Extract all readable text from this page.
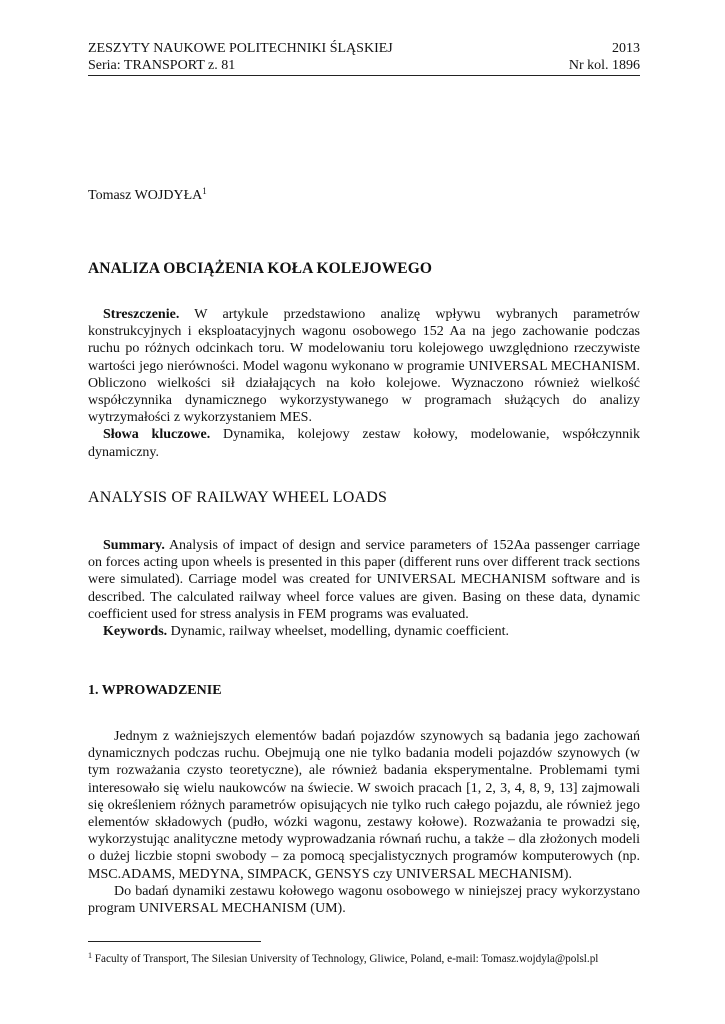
ZESZYTY NAUKOWE POLITECHNIKI ŚLĄSKIEJ	2013
Seria: TRANSPORT z. 81	Nr kol. 1896
Tomasz WOJDYŁA$^1$
ANALIZA OBCIĄŻENIA KOŁA KOLEJOWEGO
Streszczenie. W artykule przedstawiono analizę wpływu wybranych parametrów konstrukcyjnych i eksploatacyjnych wagonu osobowego 152 Aa na jego zachowanie podczas ruchu po różnych odcinkach toru. W modelowaniu toru kolejowego uwzględniono rzeczywiste wartości jego nierówności. Model wagonu wykonano w programie UNIVERSAL MECHANISM. Obliczono wielkości sił działających na koło kolejowe. Wyznaczono również wielkość współczynnika dynamicznego wykorzystywanego w programach służących do analizy wytrzymałości z wykorzystaniem MES.
Słowa kluczowe. Dynamika, kolejowy zestaw kołowy, modelowanie, współczynnik dynamiczny.
ANALYSIS OF RAILWAY WHEEL LOADS
Summary. Analysis of impact of design and service parameters of 152Aa passenger carriage on forces acting upon wheels is presented in this paper (different runs over different track sections were simulated). Carriage model was created for UNIVERSAL MECHANISM software and is described. The calculated railway wheel force values are given. Basing on these data, dynamic coefficient used for stress analysis in FEM programs was evaluated.
Keywords. Dynamic, railway wheelset, modelling, dynamic coefficient.
1. WPROWADZENIE
Jednym z ważniejszych elementów badań pojazdów szynowych są badania jego zachowań dynamicznych podczas ruchu. Obejmują one nie tylko badania modeli pojazdów szynowych (w tym rozważania czysto teoretyczne), ale również badania eksperymentalne. Problemami tymi interesowało się wielu naukowców na świecie. W swoich pracach [1, 2, 3, 4, 8, 9, 13] zajmowali się określeniem różnych parametrów opisujących nie tylko ruch całego pojazdu, ale również jego elementów składowych (pudło, wózki wagonu, zestawy kołowe). Rozważania te prowadzi się, wykorzystując analityczne metody wyprowadzania równań ruchu, a także – dla złożonych modeli o dużej liczbie stopni swobody – za pomocą specjalistycznych programów komputerowych (np. MSC.ADAMS, MEDYNA, SIMPACK, GENSYS czy UNIVERSAL MECHANISM).
Do badań dynamiki zestawu kołowego wagonu osobowego w niniejszej pracy wykorzystano program UNIVERSAL MECHANISM (UM).
$^1$ Faculty of Transport, The Silesian University of Technology, Gliwice, Poland, e-mail: Tomasz.wojdyla@polsl.pl
